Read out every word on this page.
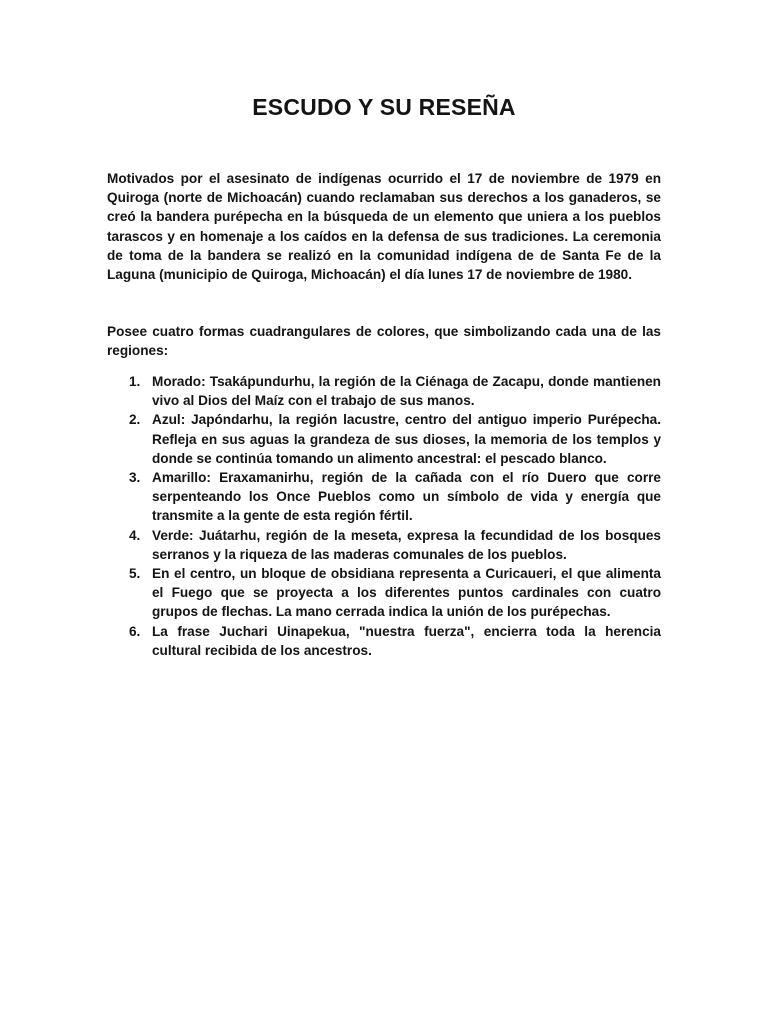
ESCUDO Y SU RESEÑA

Motivados por el asesinato de indígenas ocurrido el 17 de noviembre de 1979 en Quiroga (norte de Michoacán) cuando reclamaban sus derechos a los ganaderos, se creó la bandera purépecha en la búsqueda de un elemento que uniera a los pueblos tarascos y en homenaje a los caídos en la defensa de sus tradiciones. La ceremonia de toma de la bandera se realizó en la comunidad indígena de de Santa Fe de la Laguna (municipio de Quiroga, Michoacán) el día lunes 17 de noviembre de 1980.

Posee cuatro formas cuadrangulares de colores, que simbolizando cada una de las regiones:

1. Morado: Tsakápundurhu, la región de la Ciénaga de Zacapu, donde mantienen vivo al Dios del Maíz con el trabajo de sus manos.
2. Azul: Japóndarhu, la región lacustre, centro del antiguo imperio Purépecha. Refleja en sus aguas la grandeza de sus dioses, la memoria de los templos y donde se continúa tomando un alimento ancestral: el pescado blanco.
3. Amarillo: Eraxamanirhu, región de la cañada con el río Duero que corre serpenteando los Once Pueblos como un símbolo de vida y energía que transmite a la gente de esta región fértil.
4. Verde: Juátarhu, región de la meseta, expresa la fecundidad de los bosques serranos y la riqueza de las maderas comunales de los pueblos.
5. En el centro, un bloque de obsidiana representa a Curicaueri, el que alimenta el Fuego que se proyecta a los diferentes puntos cardinales con cuatro grupos de flechas. La mano cerrada indica la unión de los purépechas.
6. La frase Juchari Uinapekua, "nuestra fuerza", encierra toda la herencia cultural recibida de los ancestros.
